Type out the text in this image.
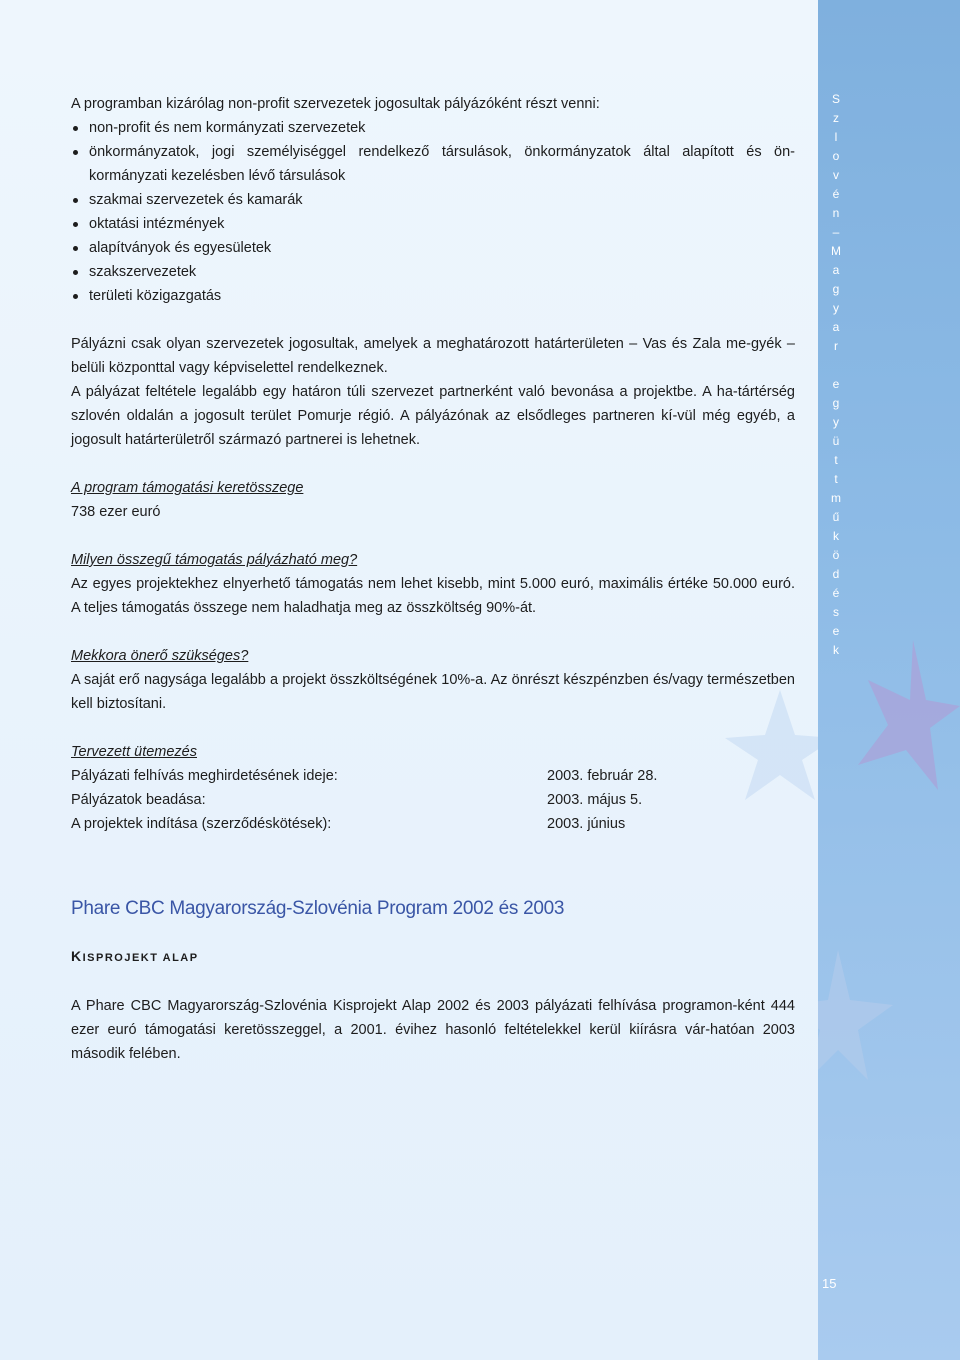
S
z
l
o
v
é
n
–
M
a
g
y
a
r

e
g
y
ü
t
t
m
ű
k
ö
d
é
s
e
k
15

A programban kizárólag non-profit szervezetek jogosultak pályázóként részt venni:

non-profit és nem kormányzati szervezetek
önkormányzatok, jogi személyiséggel rendelkező társulások, önkormányzatok által alapított és ön-kormányzati kezelésben lévő társulások
szakmai szervezetek és kamarák
oktatási intézmények
alapítványok és egyesületek
szakszervezetek
területi közigazgatás

Pályázni csak olyan szervezetek jogosultak, amelyek a meghatározott határterületen – Vas és Zala me-gyék – belüli központtal vagy képviselettel rendelkeznek.

A pályázat feltétele legalább egy határon túli szervezet partnerként való bevonása a projektbe. A ha-tártérség szlovén oldalán a jogosult terület Pomurje régió. A pályázónak az elsődleges partneren kí-vül még egyéb, a jogosult határterületről származó partnerei is lehetnek.

A program támogatási keretösszege

738 ezer euró

Milyen összegű támogatás pályázható meg?

Az egyes projektekhez elnyerhető támogatás nem lehet kisebb, mint 5.000 euró, maximális értéke 50.000 euró. A teljes támogatás összege nem haladhatja meg az összköltség 90%-át.

Mekkora önerő szükséges?

A saját erő nagysága legalább a projekt összköltségének 10%-a. Az önrészt készpénzben és/vagy természetben kell biztosítani.

Tervezett ütemezés

Pályázati felhívás meghirdetésének ideje:	2003. február 28.
Pályázatok beadása:	2003. május 5.
A projektek indítása (szerződéskötések):	2003. június
Phare CBC Magyarország-Szlovénia Program 2002 és 2003
KISPROJEKT ALAP

A Phare CBC Magyarország-Szlovénia Kisprojekt Alap 2002 és 2003 pályázati felhívása programon-ként 444 ezer euró támogatási keretösszeggel, a 2001. évihez hasonló feltételekkel kerül kiírásra vár-hatóan 2003 második felében.
